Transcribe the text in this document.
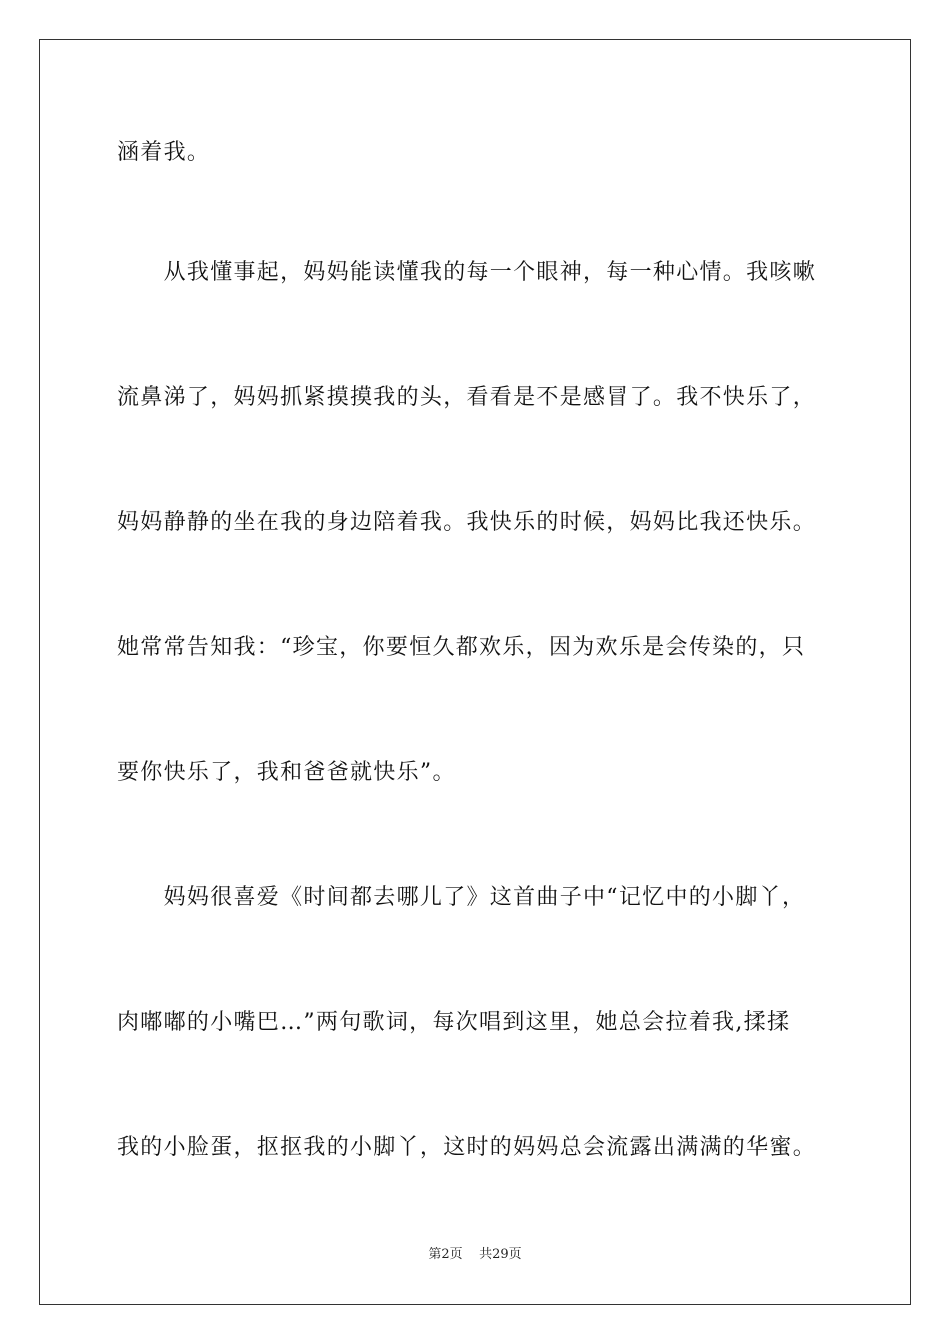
涵着我。
　　从我懂事起，妈妈能读懂我的每一个眼神，每一种心情。我咳嗽
流鼻涕了，妈妈抓紧摸摸我的头，看看是不是感冒了。我不快乐了，
妈妈静静的坐在我的身边陪着我。我快乐的时候，妈妈比我还快乐。
她常常告知我：“珍宝，你要恒久都欢乐，因为欢乐是会传染的，只
要你快乐了，我和爸爸就快乐”。
　　妈妈很喜爱《时间都去哪儿了》这首曲子中“记忆中的小脚丫，
肉嘟嘟的小嘴巴…”两句歌词，每次唱到这里，她总会拉着我,揉揉
我的小脸蛋，抠抠我的小脚丫，这时的妈妈总会流露出满满的华蜜。
第2页 共29页
